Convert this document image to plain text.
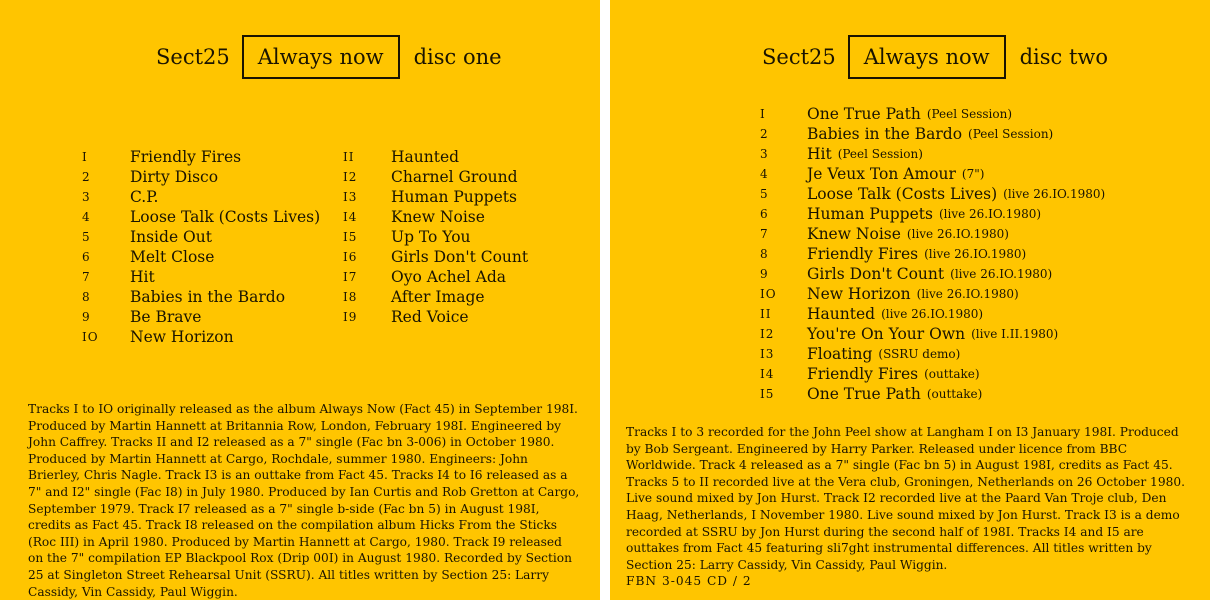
Sect25	Always now	disc one
I	Friendly Fires
2	Dirty Disco
3	C.P.
4	Loose Talk (Costs Lives)
5	Inside Out
6	Melt Close
7	Hit
8	Babies in the Bardo
9	Be Brave
IO	New Horizon
II	Haunted
I2	Charnel Ground
I3	Human Puppets
I4	Knew Noise
I5	Up To You
I6	Girls Don't Count
I7	Oyo Achel Ada
I8	After Image
I9	Red Voice
Tracks I to IO originally released as the album Always Now (Fact 45) in September 198I. Produced by Martin Hannett at Britannia Row, London, February 198I. Engineered by John Caffrey. Tracks II and I2 released as a 7" single (Fac bn 3-006) in October 1980. Produced by Martin Hannett at Cargo, Rochdale, summer 1980. Engineers: John Brierley, Chris Nagle. Track I3 is an outtake from Fact 45. Tracks I4 to I6 released as a 7" and I2" single (Fac I8) in July 1980. Produced by Ian Curtis and Rob Gretton at Cargo, September 1979. Track I7 released as a 7" single b-side (Fac bn 5) in August 198I, credits as Fact 45. Track I8 released on the compilation album Hicks From the Sticks (Roc III) in April 1980. Produced by Martin Hannett at Cargo, 1980. Track I9 released on the 7" compilation EP Blackpool Rox (Drip 00I) in August 1980. Recorded by Section 25 at Singleton Street Rehearsal Unit (SSRU). All titles written by Section 25: Larry Cassidy, Vin Cassidy, Paul Wiggin.
Sect25	Always now	disc two
I	One True Path (Peel Session)
2	Babies in the Bardo (Peel Session)
3	Hit (Peel Session)
4	Je Veux Ton Amour (7")
5	Loose Talk (Costs Lives) (live 26.IO.1980)
6	Human Puppets (live 26.IO.1980)
7	Knew Noise (live 26.IO.1980)
8	Friendly Fires (live 26.IO.1980)
9	Girls Don't Count (live 26.IO.1980)
IO	New Horizon (live 26.IO.1980)
II	Haunted (live 26.IO.1980)
I2	You're On Your Own (live I.II.1980)
I3	Floating (SSRU demo)
I4	Friendly Fires (outtake)
I5	One True Path (outtake)
Tracks I to 3 recorded for the John Peel show at Langham I on I3 January 198I. Produced by Bob Sergeant. Engineered by Harry Parker. Released under licence from BBC Worldwide. Track 4 released as a 7" single (Fac bn 5) in August 198I, credits as Fact 45. Tracks 5 to II recorded live at the Vera club, Groningen, Netherlands on 26 October 1980. Live sound mixed by Jon Hurst. Track I2 recorded live at the Paard Van Troje club, Den Haag, Netherlands, I November 1980. Live sound mixed by Jon Hurst. Track I3 is a demo recorded at SSRU by Jon Hurst during the second half of 198I. Tracks I4 and I5 are outtakes from Fact 45 featuring sli7ght instrumental differences. All titles written by Section 25: Larry Cassidy, Vin Cassidy, Paul Wiggin.
FBN 3-045 CD / 2
